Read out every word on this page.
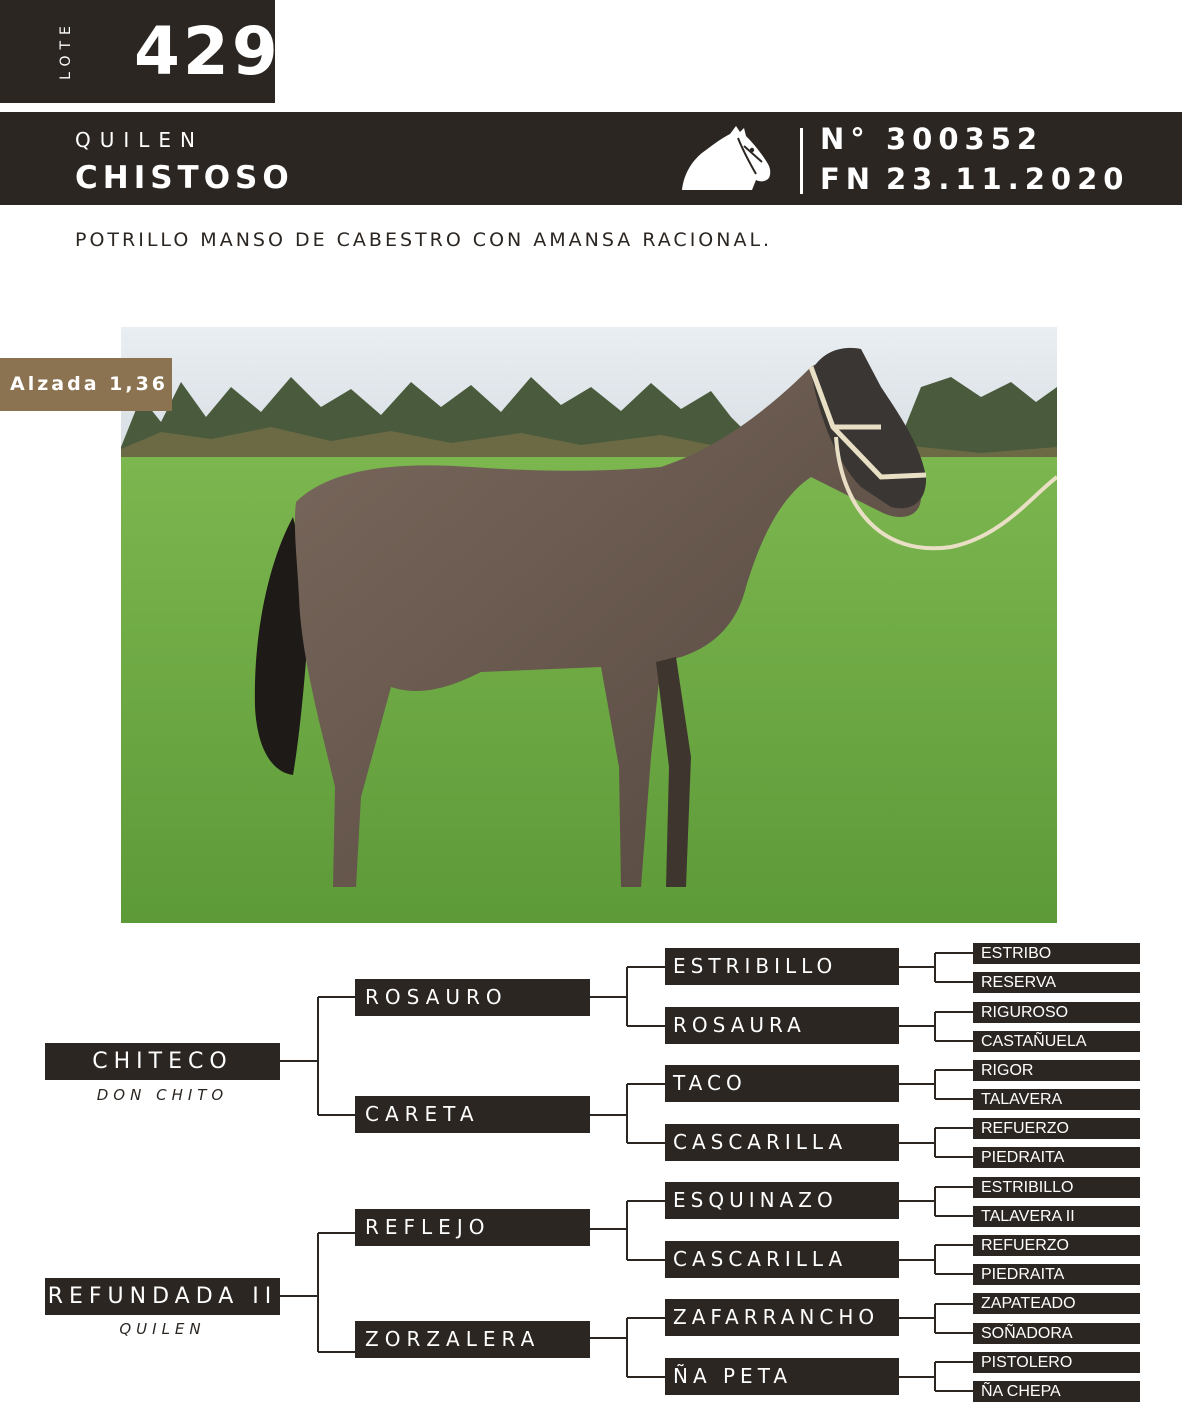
LOTE 429
QUILEN
CHISTOSO
N° 300352
FN 23.11.2020
POTRILLO MANSO DE CABESTRO CON AMANSA RACIONAL.
Alzada 1,36
CHITECO
DON CHITO
REFUNDADA II
QUILEN
ROSAURO
CARETA
REFLEJO
ZORZALERA
ESTRIBILLO
ROSAURA
TACO
CASCARILLA
ESQUINAZO
CASCARILLA
ZAFARRANCHO
ÑA PETA
ESTRIBO
RESERVA
RIGUROSO
CASTAÑUELA
RIGOR
TALAVERA
REFUERZO
PIEDRAITA
ESTRIBILLO
TALAVERA II
REFUERZO
PIEDRAITA
ZAPATEADO
SOÑADORA
PISTOLERO
ÑA CHEPA
